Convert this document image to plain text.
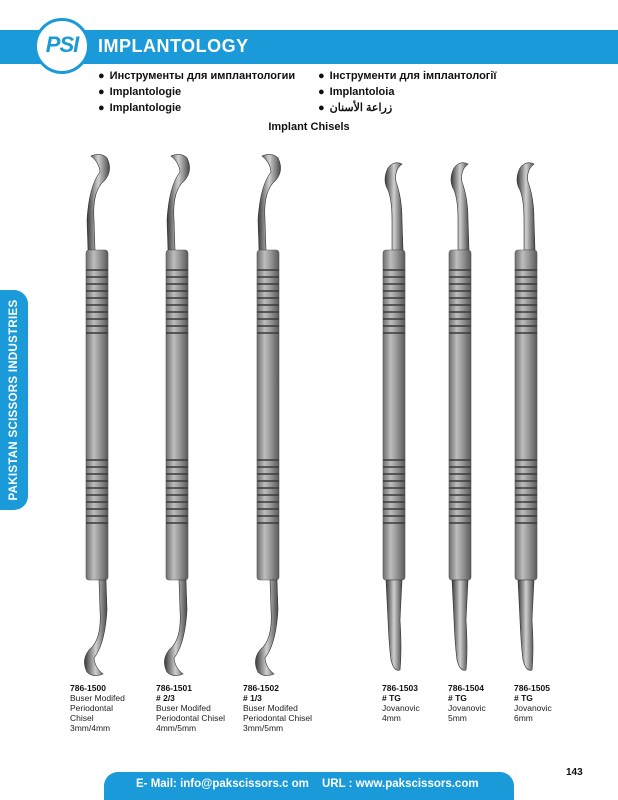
PSI	IMPLANTOLOGY
● Инструменты для имплантологии
● Implantologie
● Implantologie
● Інструменти для імплантології
● Implantoloia
● زراعة الأسنان
Implant Chisels
PAKISTAN SCISSORS INDUSTRIES
786-1500
Buser Modifed
Periodontal
Chisel
3mm/4mm
786-1501
# 2/3
Buser Modifed
Periodontal Chisel
4mm/5mm
786-1502
# 1/3
Buser Modifed
Periodontal Chisel
3mm/5mm
786-1503
# TG
Jovanovic
4mm
786-1504
# TG
Jovanovic
5mm
786-1505
# TG
Jovanovic
6mm
E- Mail: info@pakscissors.c om URL : www.pakscissors.com
143
